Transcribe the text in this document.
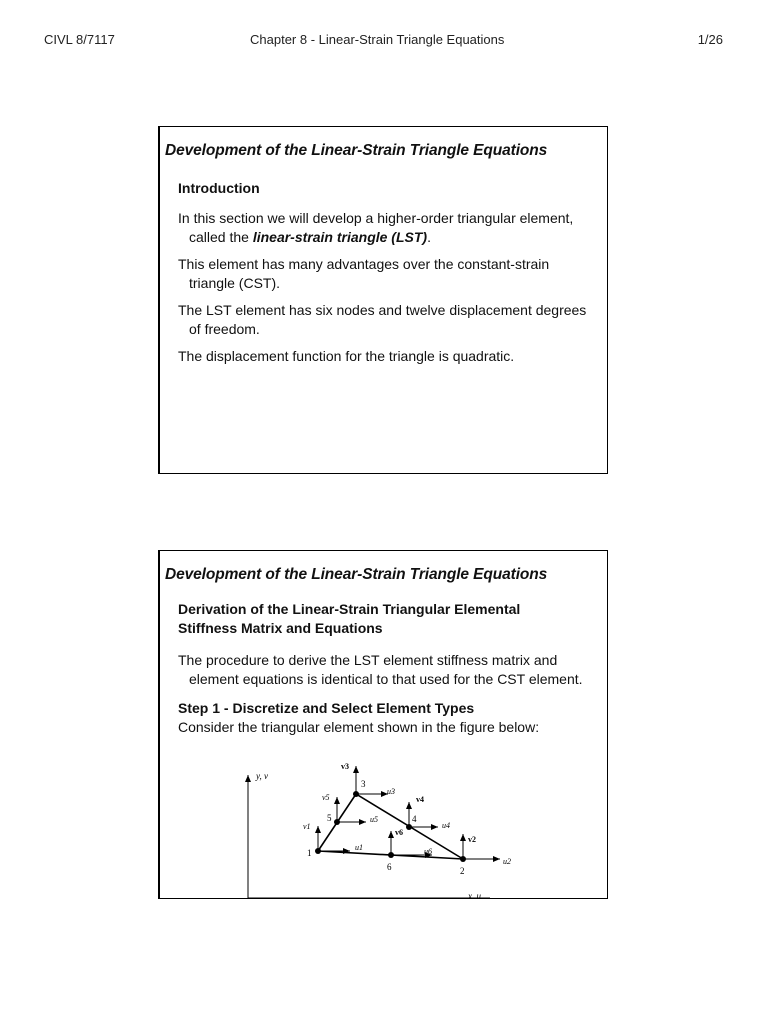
CIVL 8/7117	Chapter 8 - Linear-Strain Triangle Equations	1/26
Development of the Linear-Strain Triangle Equations
Introduction

In this section we will develop a higher-order triangular element, called the linear-strain triangle (LST).

This element has many advantages over the constant-strain triangle (CST).

The LST element has six nodes and twelve displacement degrees of freedom.

The displacement function for the triangle is quadratic.

Development of the Linear-Strain Triangle Equations
Derivation of the Linear-Strain Triangular Elemental Stiffness Matrix and Equations

The procedure to derive the LST element stiffness matrix and element equations is identical to that used for the CST element.

Step 1 - Discretize and Select Element Types
Consider the triangular element shown in the figure below:
y, v
x, u
1
2
3
4
5
6
v3
u3
v5
u5
v4
u4
v1
u1
v6
u6
v2
u2
